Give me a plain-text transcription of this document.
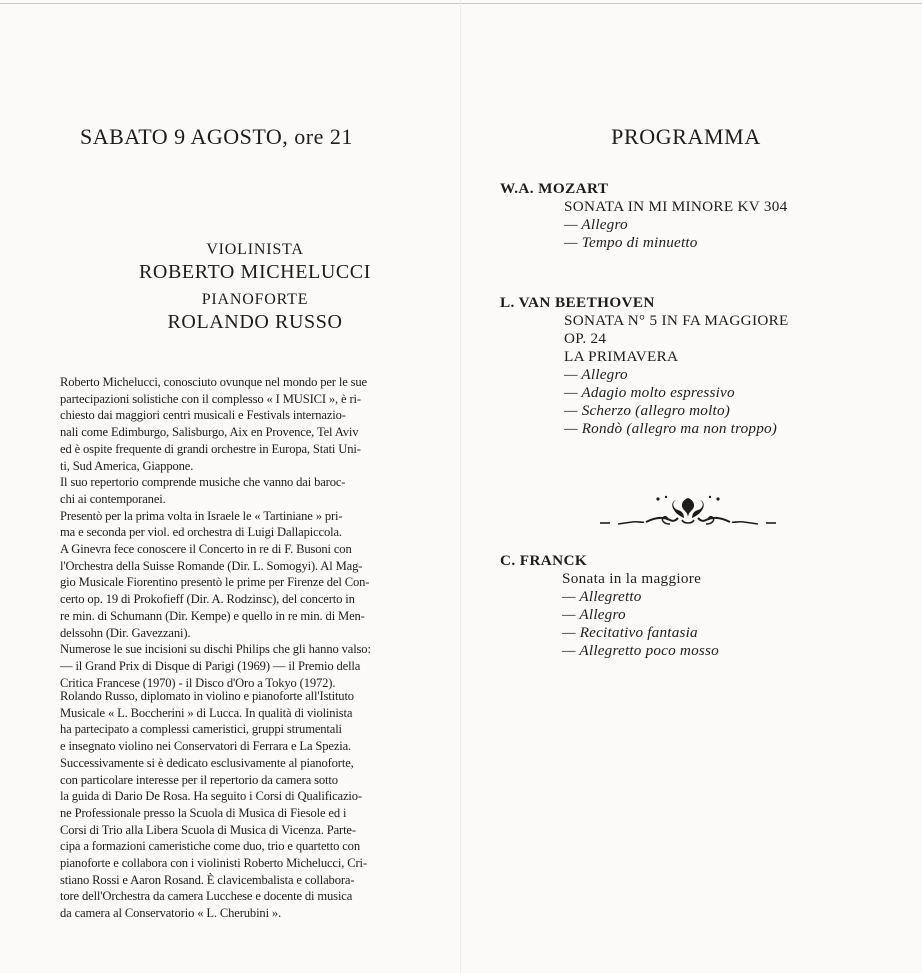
SABATO 9 AGOSTO, ore 21
VIOLINISTA
ROBERTO MICHELUCCI
PIANOFORTE
ROLANDO RUSSO

Roberto Michelucci, conosciuto ovunque nel mondo per le sue

partecipazioni solistiche con il complesso « I MUSICI », è ri-

chiesto dai maggiori centri musicali e Festivals internazio-

nali come Edimburgo, Salisburgo, Aix en Provence, Tel Aviv

ed è ospite frequente di grandi orchestre in Europa, Stati Uni-

ti, Sud America, Giappone.

Il suo repertorio comprende musiche che vanno dai baroc-

chi ai contemporanei.

Presentò per la prima volta in Israele le « Tartiniane » pri-

ma e seconda per viol. ed orchestra di Luigi Dallapiccola.

A Ginevra fece conoscere il Concerto in re di F. Busoni con

l'Orchestra della Suisse Romande (Dir. L. Somogyi). Al Mag-

gio Musicale Fiorentino presentò le prime per Firenze del Con-

certo op. 19 di Prokofieff (Dir. A. Rodzinsc), del concerto in

re min. di Schumann (Dir. Kempe) e quello in re min. di Men-

delssohn (Dir. Gavezzani).

Numerose le sue incisioni su dischi Philips che gli hanno valso:

— il Grand Prix di Disque di Parigi (1969) — il Premio della

Critica Francese (1970) - il Disco d'Oro a Tokyo (1972).

Rolando Russo, diplomato in violino e pianoforte all'Istituto

Musicale « L. Boccherini » di Lucca. In qualità di violinista

ha partecipato a complessi cameristici, gruppi strumentali

e insegnato violino nei Conservatori di Ferrara e La Spezia.

Successivamente si è dedicato esclusivamente al pianoforte,

con particolare interesse per il repertorio da camera sotto

la guida di Dario De Rosa. Ha seguito i Corsi di Qualificazio-

ne Professionale presso la Scuola di Musica di Fiesole ed i

Corsi di Trio alla Libera Scuola di Musica di Vicenza. Parte-

cipa a formazioni cameristiche come duo, trio e quartetto con

pianoforte e collabora con i violinisti Roberto Michelucci, Cri-

stiano Rossi e Aaron Rosand. È clavicembalista e collabora-

tore dell'Orchestra da camera Lucchese e docente di musica

da camera al Conservatorio « L. Cherubini ».

PROGRAMMA
W.A. MOZART
SONATA IN MI MINORE KV 304
— Allegro
— Tempo di minuetto
L. VAN BEETHOVEN
SONATA N° 5 IN FA MAGGIORE
OP. 24
LA PRIMAVERA
— Allegro
— Adagio molto espressivo
— Scherzo (allegro molto)
— Rondò (allegro ma non troppo)
C. FRANCK
Sonata in la maggiore
— Allegretto
— Allegro
— Recitativo fantasia
— Allegretto poco mosso
